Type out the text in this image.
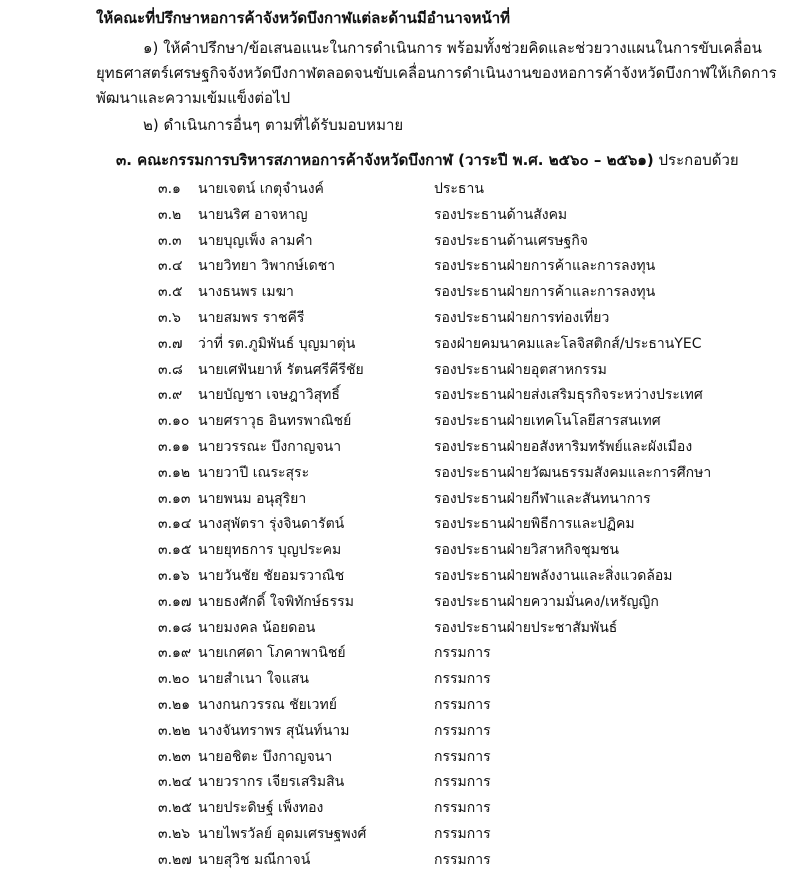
ให้คณะที่ปรึกษาหอการค้าจังหวัดบึงกาฬแต่ละด้านมีอำนาจหน้าที่
๑) ให้คำปรึกษา/ข้อเสนอแนะในการดำเนินการ พร้อมทั้งช่วยคิดและช่วยวางแผนในการขับเคลื่อน
ยุทธศาสตร์เศรษฐกิจจังหวัดบึงกาฬตลอดจนขับเคลื่อนการดำเนินงานของหอการค้าจังหวัดบึงกาฬให้เกิดการ
พัฒนาและความเข้มแข็งต่อไป
๒) ดำเนินการอื่นๆ ตามที่ได้รับมอบหมาย
๓. คณะกรรมการบริหารสภาหอการค้าจังหวัดบึงกาฬ (วาระปี พ.ศ. ๒๕๖๐ – ๒๕๖๑) ประกอบด้วย
๓.๑ นายเจตน์ เกตุจำนงค์	ประธาน
๓.๒ นายนริศ อาจหาญ	รองประธานด้านสังคม
๓.๓ นายบุญเพ็ง ลามคำ	รองประธานด้านเศรษฐกิจ
๓.๔ นายวิทยา วิพากษ์เดชา	รองประธานฝ่ายการค้าและการลงทุน
๓.๕ นางธนพร เมฆา	รองประธานฝ่ายการค้าและการลงทุน
๓.๖ นายสมพร ราชคีรี	รองประธานฝ่ายการท่องเที่ยว
๓.๗ ว่าที่ รต.ภูมิพันธ์ บุญมาตุ่น	รองฝ่ายคมนาคมและโลจิสติกส์/ประธานYEC
๓.๘ นายเศฟันยาห์ รัตนศรีคีรีชัย	รองประธานฝ่ายอุตสาหกรรม
๓.๙ นายบัญชา เจษฎาวิสุทธิ์	รองประธานฝ่ายส่งเสริมธุรกิจระหว่างประเทศ
๓.๑๐ นายศราวุธ อินทรพาณิชย์	รองประธานฝ่ายเทคโนโลยีสารสนเทศ
๓.๑๑ นายวรรณะ บึงกาญจนา	รองประธานฝ่ายอสังหาริมทรัพย์และผังเมือง
๓.๑๒ นายวาปี เณระสุระ	รองประธานฝ่ายวัฒนธรรมสังคมและการศึกษา
๓.๑๓ นายพนม อนุสุริยา	รองประธานฝ่ายกีฬาและสันทนาการ
๓.๑๔ นางสุพัตรา รุ่งจินดารัตน์	รองประธานฝ่ายพิธีการและปฏิคม
๓.๑๕ นายยุทธการ บุญประคม	รองประธานฝ่ายวิสาหกิจชุมชน
๓.๑๖ นายวันชัย ชัยอมรวาณิช	รองประธานฝ่ายพลังงานและสิ่งแวดล้อม
๓.๑๗ นายธงศักดิ์ ใจพิทักษ์ธรรม	รองประธานฝ่ายความมั่นคง/เหรัญญิก
๓.๑๘ นายมงคล น้อยดอน	รองประธานฝ่ายประชาสัมพันธ์
๓.๑๙ นายเกศดา โภคาพานิชย์	กรรมการ
๓.๒๐ นายสำเนา ใจแสน	กรรมการ
๓.๒๑ นางกนกวรรณ ชัยเวทย์	กรรมการ
๓.๒๒ นางจันทราพร สุนันท์นาม	กรรมการ
๓.๒๓ นายอชิตะ บึงกาญจนา	กรรมการ
๓.๒๔ นายวรากร เจียรเสริมสิน	กรรมการ
๓.๒๕ นายประดิษฐ์ เพ็งทอง	กรรมการ
๓.๒๖ นายไพรวัลย์ อุดมเศรษฐพงศ์	กรรมการ
๓.๒๗ นายสุวิช มณีกาจน์	กรรมการ
